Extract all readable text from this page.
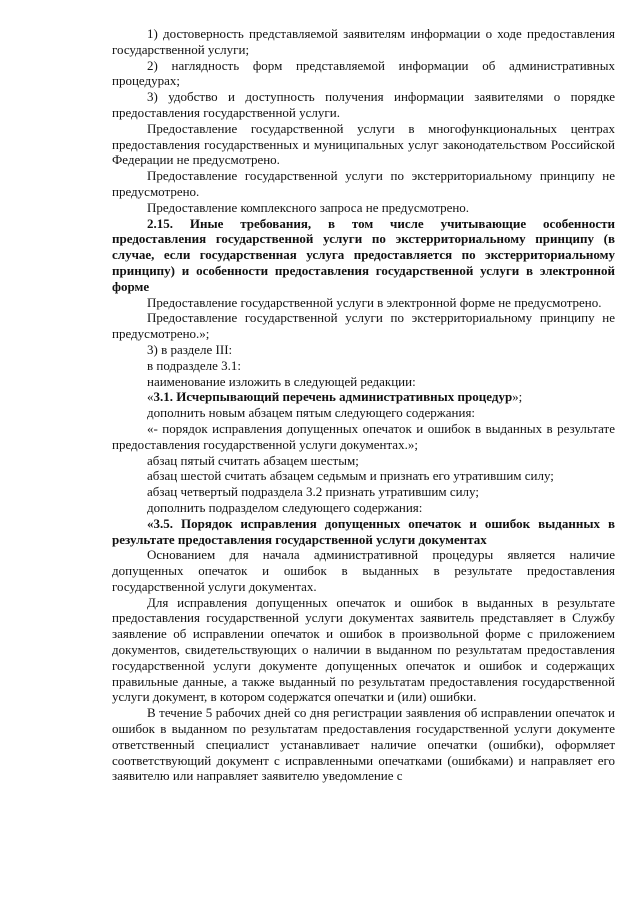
1) достоверность представляемой заявителям информации о ходе предоставления государственной услуги;

2) наглядность форм представляемой информации об административных процедурах;

3) удобство и доступность получения информации заявителями о порядке предоставления государственной услуги.

Предоставление государственной услуги в многофункциональных центрах предоставления государственных и муниципальных услуг законодательством Российской Федерации не предусмотрено.

Предоставление государственной услуги по экстерриториальному принципу не предусмотрено.

Предоставление комплексного запроса не предусмотрено.

2.15. Иные требования, в том числе учитывающие особенности предоставления государственной услуги по экстерриториальному принципу (в случае, если государственная услуга предоставляется по экстерриториальному принципу) и особенности предоставления государственной услуги в электронной форме

Предоставление государственной услуги в электронной форме не предусмотрено.

Предоставление государственной услуги по экстерриториальному принципу не предусмотрено.»;

3) в разделе III:

в подразделе 3.1:

наименование изложить в следующей редакции:

«3.1. Исчерпывающий перечень административных процедур»;

дополнить новым абзацем пятым следующего содержания:

«- порядок исправления допущенных опечаток и ошибок в выданных в результате предоставления государственной услуги документах.»;

абзац пятый считать абзацем шестым;

абзац шестой считать абзацем седьмым и признать его утратившим силу;

абзац четвертый подраздела 3.2 признать утратившим силу;

дополнить подразделом следующего содержания:

«3.5. Порядок исправления допущенных опечаток и ошибок выданных в результате предоставления государственной услуги документах

Основанием для начала административной процедуры является наличие допущенных опечаток и ошибок в выданных в результате предоставления государственной услуги документах.

Для исправления допущенных опечаток и ошибок в выданных в результате предоставления государственной услуги документах заявитель представляет в Службу заявление об исправлении опечаток и ошибок в произвольной форме с приложением документов, свидетельствующих о наличии в выданном по результатам предоставления государственной услуги документе допущенных опечаток и ошибок и содержащих правильные данные, а также выданный по результатам предоставления государственной услуги документ, в котором содержатся опечатки и (или) ошибки.

В течение 5 рабочих дней со дня регистрации заявления об исправлении опечаток и ошибок в выданном по результатам предоставления государственной услуги документе ответственный специалист устанавливает наличие опечатки (ошибки), оформляет соответствующий документ с исправленными опечатками (ошибками) и направляет его заявителю или направляет заявителю уведомление с
